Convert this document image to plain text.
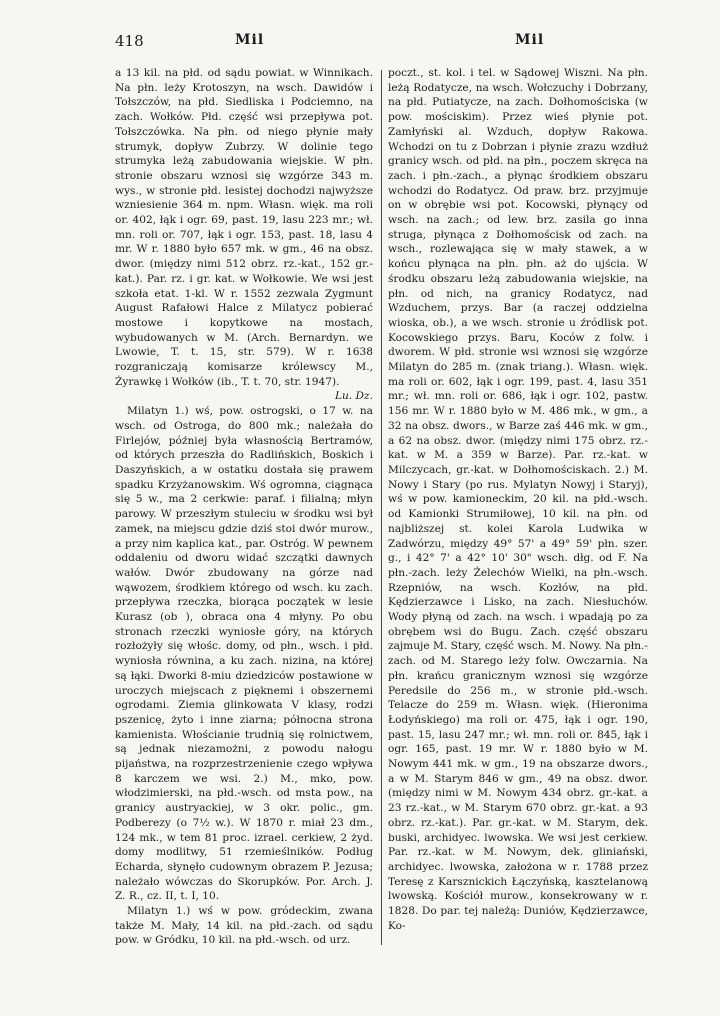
418	Mil	Mil

a 13 kil. na płd. od sądu powiat. w Winnikach. Na płn. leży Krotoszyn, na wsch. Dawidów i Tołszczów, na płd. Siedliska i Podciemno, na zach. Wołków. Płd. część wsi przepływa pot. Tołszczówka. Na płn. od niego płynie mały strumyk, dopływ Zubrzy. W dolinie tego strumyka leżą zabudowania wiejskie. W płn. stronie obszaru wznosi się wzgórze 343 m. wys., w stronie płd. lesistej dochodzi najwyższe wzniesienie 364 m. npm. Własn. więk. ma roli or. 402, łąk i ogr. 69, past. 19, lasu 223 mr.; wł. mn. roli or. 707, łąk i ogr. 153, past. 18, lasu 4 mr. W r. 1880 było 657 mk. w gm., 46 na obsz. dwor. (między nimi 512 obrz. rz.-kat., 152 gr.-kat.). Par. rz. i gr. kat. w Wołkowie. We wsi jest szkoła etat. 1-kl. W r. 1552 zezwala Zygmunt August Rafałowi Halce z Milatycz pobierać mostowe i kopytkowe na mostach, wybudowanych w M. (Arch. Bernardyn. we Lwowie, T. t. 15, str. 579). W r. 1638 rozgraniczają komisarze królewscy M., Żyrawkę i Wołków (ib., T. t. 70, str. 1947).
Lu. Dz.

Milatyn 1.) wś, pow. ostrogski, o 17 w. na wsch. od Ostroga, do 800 mk.; należała do Firlejów, później była własnością Bertramów, od których przeszła do Radlińskich, Boskich i Daszyńskich, a w ostatku dostała się prawem spadku Krzyżanowskim. Wś ogromna, ciągnąca się 5 w., ma 2 cerkwie: paraf. i filialną; młyn parowy. W przeszłym stuleciu w środku wsi był zamek, na miejscu gdzie dziś stoi dwór murow., a przy nim kaplica kat., par. Ostróg. W pewnem oddaleniu od dworu widać szczątki dawnych wałów. Dwór zbudowany na górze nad wąwozem, środkiem którego od wsch. ku zach. przepływa rzeczka, biorąca początek w lesie Kurasz (ob ), obraca ona 4 młyny. Po obu stronach rzeczki wyniosłe góry, na których rozłożyły się włośc. domy, od płn., wsch. i płd. wyniosła równina, a ku zach. nizina, na której są łąki. Dworki 8-miu dziedziców postawione w uroczych miejscach z pięknemi i obszernemi ogrodami. Ziemia glinkowata V klasy, rodzi pszenicę, żyto i inne ziarna; północna strona kamienista. Włościanie trudnią się rolnictwem, są jednak niezamożni, z powodu nałogu pijaństwa, na rozprzestrzenienie czego wpływa 8 karczem we wsi. 2.) M., mko, pow. włodzimierski, na płd.-wsch. od msta pow., na granicy austryackiej, w 3 okr. polic., gm. Podberezy (o 7½ w.). W 1870 r. miał 23 dm., 124 mk., w tem 81 proc. izrael. cerkiew, 2 żyd. domy modlitwy, 51 rzemieślników. Podług Echarda, słynęło cudownym obrazem P. Jezusa; należało wówczas do Skorupków. Por. Arch. J. Z. R., cz. II, t. I, 10.

Milatyn 1.) wś w pow. gródeckim, zwana także M. Mały, 14 kil. na płd.-zach. od sądu pow. w Gródku, 10 kil. na płd.-wsch. od urz.

poczt., st. kol. i tel. w Sądowej Wiszni. Na płn. leżą Rodatycze, na wsch. Wołczuchy i Dobrzany, na płd. Putiatycze, na zach. Dołhomościska (w pow. mościskim). Przez wieś płynie pot. Zamłyński al. Wzduch, dopływ Rakowa. Wchodzi on tu z Dobrzan i płynie zrazu wzdłuż granicy wsch. od płd. na płn., poczem skręca na zach. i płn.-zach., a płynąc środkiem obszaru wchodzi do Rodatycz. Od praw. brz. przyjmuje on w obrębie wsi pot. Kocowski, płynący od wsch. na zach.; od lew. brz. zasila go inna struga, płynąca z Dołhomościsk od zach. na wsch., rozlewająca się w mały stawek, a w końcu płynąca na płn. płn. aż do ujścia. W środku obszaru leżą zabudowania wiejskie, na płn. od nich, na granicy Rodatycz, nad Wzduchem, przys. Bar (a raczej oddzielna wioska, ob.), a we wsch. stronie u źródlisk pot. Kocowskiego przys. Baru, Koców z folw. i dworem. W płd. stronie wsi wznosi się wzgórze Milatyn do 285 m. (znak triang.). Własn. więk. ma roli or. 602, łąk i ogr. 199, past. 4, lasu 351 mr.; wł. mn. roli or. 686, łąk i ogr. 102, pastw. 156 mr. W r. 1880 było w M. 486 mk., w gm., a 32 na obsz. dwors., w Barze zaś 446 mk. w gm., a 62 na obsz. dwor. (między nimi 175 obrz. rz.-kat. w M. a 359 w Barze). Par. rz.-kat. w Milczycach, gr.-kat. w Dołhomościskach. 2.) M. Nowy i Stary (po rus. Mylatyn Nowyj i Staryj), wś w pow. kamioneckim, 20 kil. na płd.-wsch. od Kamionki Strumiłowej, 10 kil. na płn. od najbliższej st. kolei Karola Ludwika w Zadwórzu, między 49° 57' a 49° 59' płn. szer. g., i 42° 7' a 42° 10' 30" wsch. dłg. od F. Na płn.-zach. leży Żelechów Wielki, na płn.-wsch. Rzepniów, na wsch. Kozłów, na płd. Kędzierzawce i Lisko, na zach. Niesłuchów. Wody płyną od zach. na wsch. i wpadają po za obrębem wsi do Bugu. Zach. część obszaru zajmuje M. Stary, część wsch. M. Nowy. Na płn.-zach. od M. Starego leży folw. Owczarnia. Na płn. krańcu granicznym wznosi się wzgórze Peredsile do 256 m., w stronie płd.-wsch. Telacze do 259 m. Własn. więk. (Hieronima Łodyńskiego) ma roli or. 475, łąk i ogr. 190, past. 15, lasu 247 mr.; wł. mn. roli or. 845, łąk i ogr. 165, past. 19 mr. W r. 1880 było w M. Nowym 441 mk. w gm., 19 na obszarze dwors., a w M. Starym 846 w gm., 49 na obsz. dwor. (między nimi w M. Nowym 434 obrz. gr.-kat. a 23 rz.-kat., w M. Starym 670 obrz. gr.-kat. a 93 obrz. rz.-kat.). Par. gr.-kat. w M. Starym, dek. buski, archidyec. lwowska. We wsi jest cerkiew. Par. rz.-kat. w M. Nowym, dek. gliniański, archidyec. lwowska, założona w r. 1788 przez Teresę z Karsznickich Łączyńską, kasztelanową lwowską. Kościół murow., konsekrowany w r. 1828. Do par. tej należą: Duniów, Kędzierzawce, Ko-
